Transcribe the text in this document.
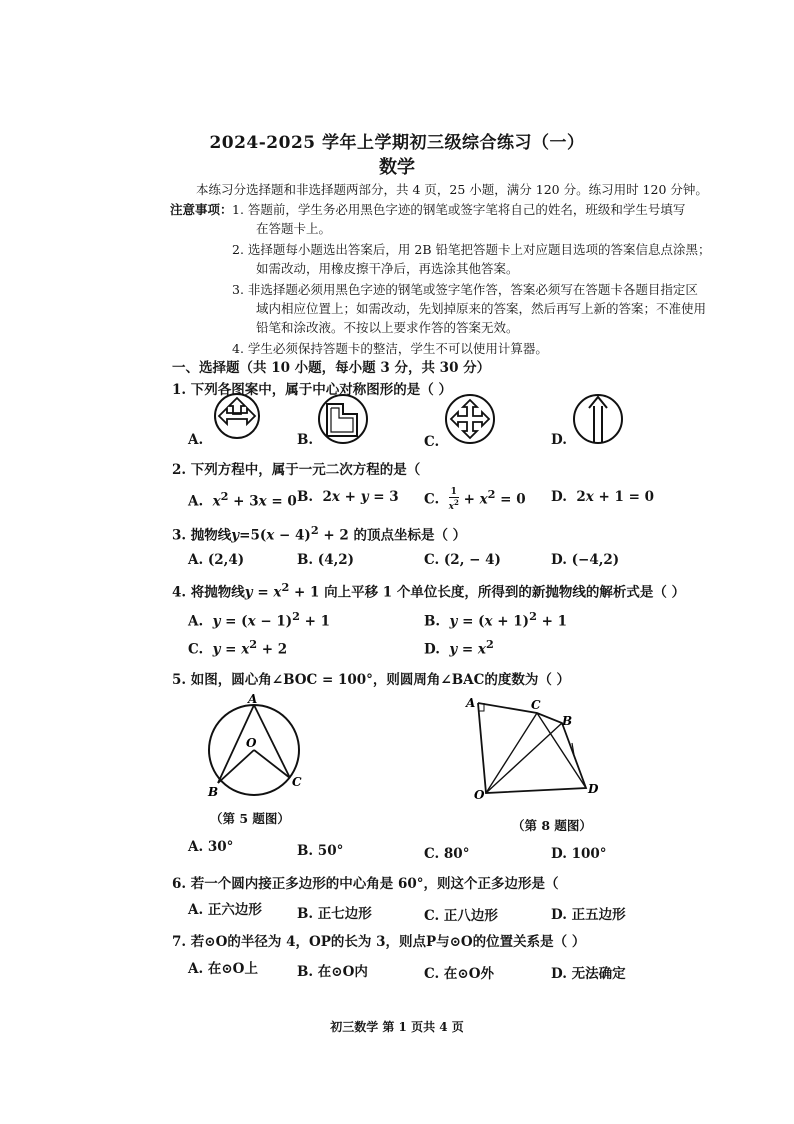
2024-2025 学年上学期初三级综合练习（一）
数学
本练习分选择题和非选择题两部分，共 4 页，25 小题，满分 120 分。练习用时 120 分钟。
注意事项： 1. 答题前，学生务必用黑色字迹的钢笔或签字笔将自己的姓名，班级和学生号填写
在答题卡上。
2. 选择题每小题选出答案后，用 2B 铅笔把答题卡上对应题目选项的答案信息点涂黑；
如需改动，用橡皮擦干净后，再选涂其他答案。
3. 非选择题必须用黑色字迹的钢笔或签字笔作答，答案必须写在答题卡各题目指定区
域内相应位置上；如需改动，先划掉原来的答案，然后再写上新的答案；不准使用
铅笔和涂改液。不按以上要求作答的答案无效。
4. 学生必须保持答题卡的整洁，学生不可以使用计算器。
一、选择题（共 10 小题，每小题 3 分，共 30 分）
1. 下列各图案中，属于中心对称图形的是（ ）
A.	B.	C.	D.
2. 下列方程中，属于一元二次方程的是（
A. $x^2 + 3x = 0$ B.  2x + y = 3 C. $\frac{1}{x^2} + x^2 = 0$ D.  2x + 1 = 0
3. 抛物线$y=5(x - 4)^2 + 2$ 的顶点坐标是（ ）
A. (2,4)	B. (4,2)	C. (2, − 4)	D. (−4,2)
4. 将抛物线$y = x^2 + 1$ 向上平移 1 个单位长度，所得到的新抛物线的解析式是（ ）
A. $y = (x - 1)^2 + 1$	B. $y = (x + 1)^2 + 1$
C. $y = x^2 + 2$	D. $y = x^2$
5. 如图，圆心角∠BOC = 100°，则圆周角∠BAC的度数为（ ）
A
O
B
C
（第 5 题图）
A	C
B
O	D
（第 8 题图）
A. 30°	B. 50°	C. 80°	D. 100°
6. 若一个圆内接正多边形的中心角是 60°，则这个正多边形是（
A. 正六边形	B. 正七边形	C. 正八边形	D. 正五边形
7. 若⊙O的半径为 4，OP的长为 3，则点P与⊙O的位置关系是（ ）
A. 在⊙O上	B. 在⊙O内	C. 在⊙O外	D. 无法确定
初三数学 第 1 页共 4 页
